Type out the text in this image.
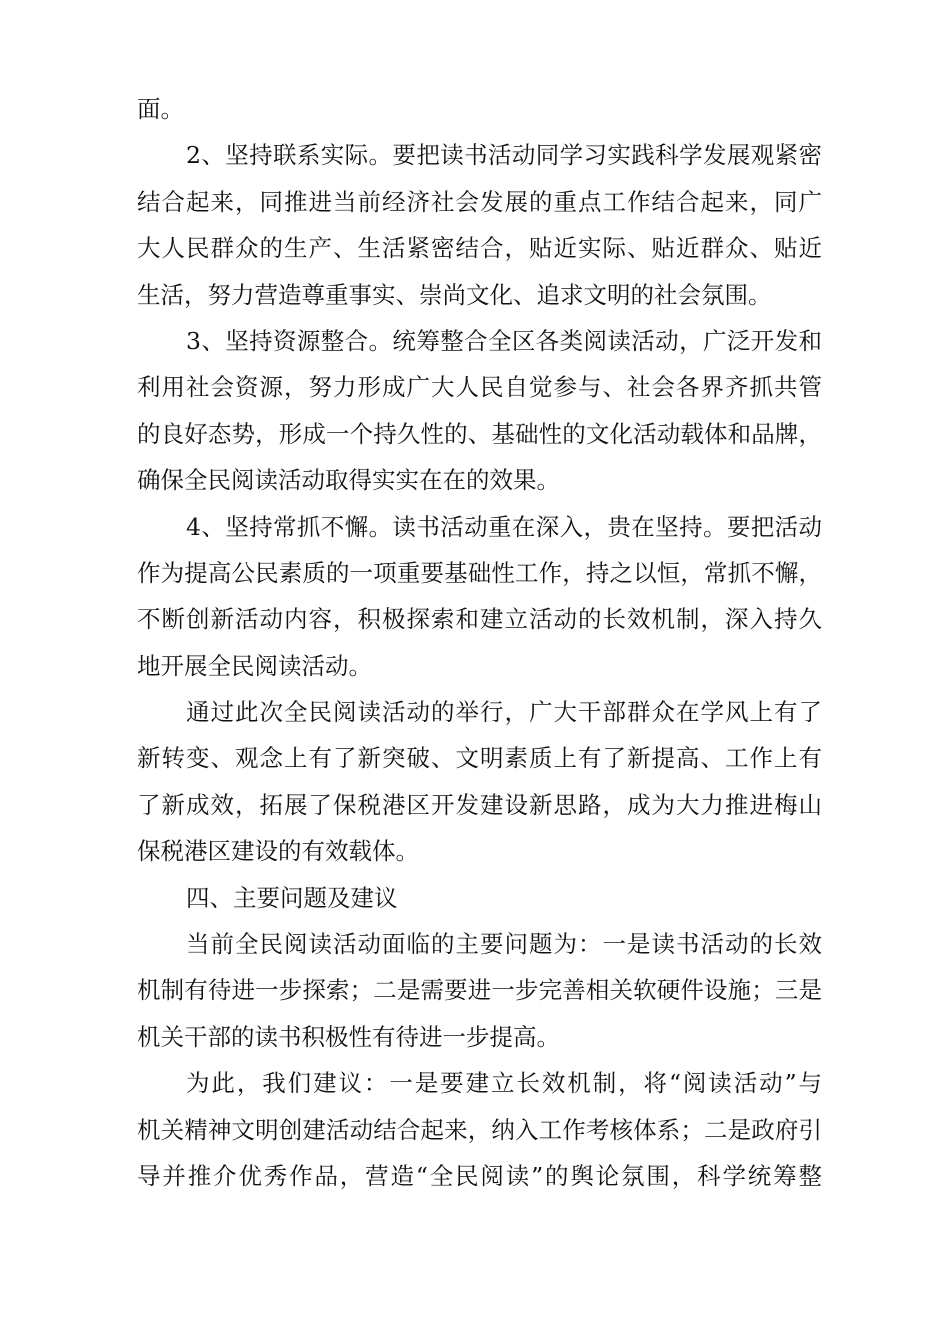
面。

2、坚持联系实际。要把读书活动同学习实践科学发展观紧密
结合起来，同推进当前经济社会发展的重点工作结合起来，同广
大人民群众的生产、生活紧密结合，贴近实际、贴近群众、贴近
生活，努力营造尊重事实、崇尚文化、追求文明的社会氛围。

3、坚持资源整合。统筹整合全区各类阅读活动，广泛开发和
利用社会资源，努力形成广大人民自觉参与、社会各界齐抓共管
的良好态势，形成一个持久性的、基础性的文化活动载体和品牌，
确保全民阅读活动取得实实在在的效果。

4、坚持常抓不懈。读书活动重在深入，贵在坚持。要把活动
作为提高公民素质的一项重要基础性工作，持之以恒，常抓不懈，
不断创新活动内容，积极探索和建立活动的长效机制，深入持久
地开展全民阅读活动。

通过此次全民阅读活动的举行，广大干部群众在学风上有了
新转变、观念上有了新突破、文明素质上有了新提高、工作上有
了新成效，拓展了保税港区开发建设新思路，成为大力推进梅山
保税港区建设的有效载体。

四、主要问题及建议

当前全民阅读活动面临的主要问题为：一是读书活动的长效
机制有待进一步探索；二是需要进一步完善相关软硬件设施；三是
机关干部的读书积极性有待进一步提高。

为此，我们建议：一是要建立长效机制，将“阅读活动”与
机关精神文明创建活动结合起来，纳入工作考核体系；二是政府引
导并推介优秀作品，营造“全民阅读”的舆论氛围，科学统筹整
